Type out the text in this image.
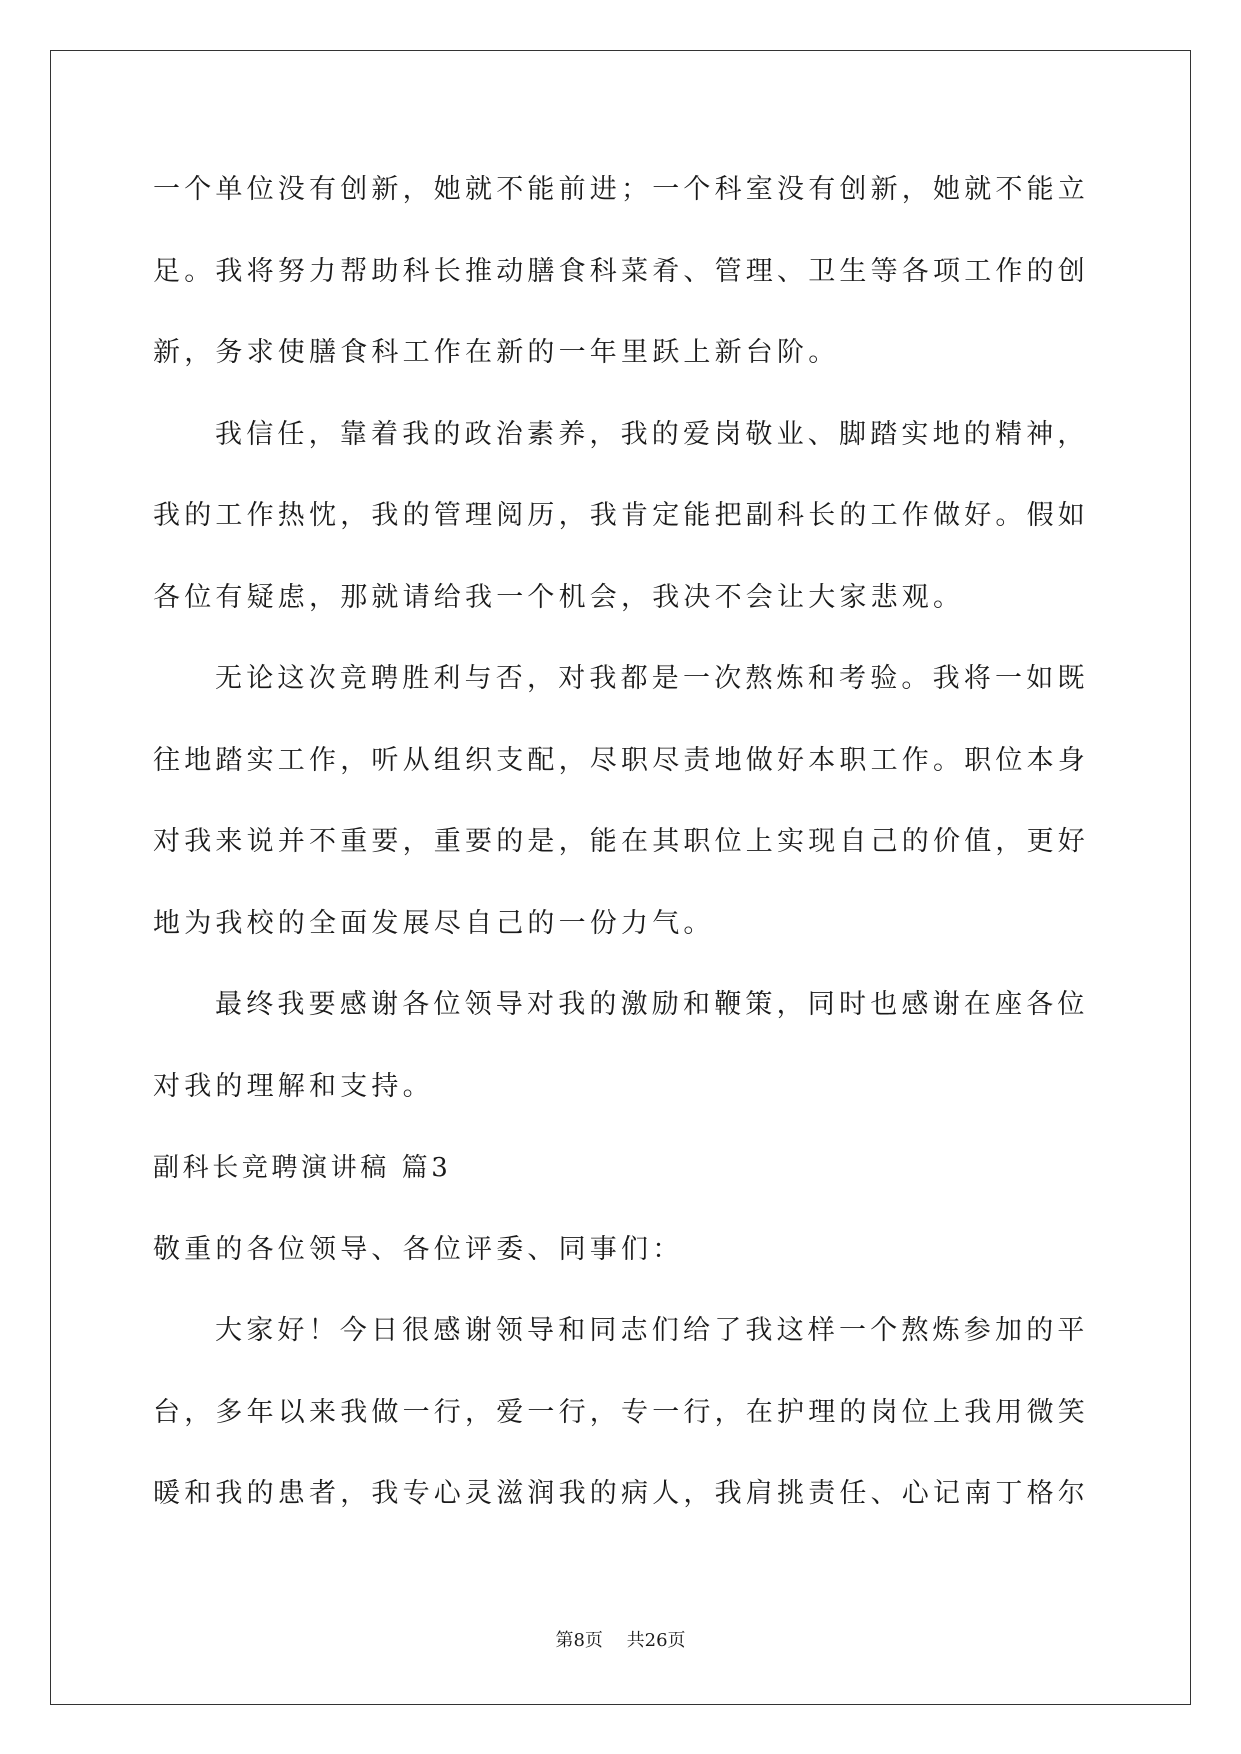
一个单位没有创新，她就不能前进；一个科室没有创新，她就不能立
足。我将努力帮助科长推动膳食科菜肴、管理、卫生等各项工作的创
新，务求使膳食科工作在新的一年里跃上新台阶。
我信任，靠着我的政治素养，我的爱岗敬业、脚踏实地的精神，
我的工作热忱，我的管理阅历，我肯定能把副科长的工作做好。假如
各位有疑虑，那就请给我一个机会，我决不会让大家悲观。
无论这次竞聘胜利与否，对我都是一次熬炼和考验。我将一如既
往地踏实工作，听从组织支配，尽职尽责地做好本职工作。职位本身
对我来说并不重要，重要的是，能在其职位上实现自己的价值，更好
地为我校的全面发展尽自己的一份力气。
最终我要感谢各位领导对我的激励和鞭策，同时也感谢在座各位
对我的理解和支持。
副科长竞聘演讲稿 篇3
敬重的各位领导、各位评委、同事们：
大家好！今日很感谢领导和同志们给了我这样一个熬炼参加的平
台，多年以来我做一行，爱一行，专一行，在护理的岗位上我用微笑
暖和我的患者，我专心灵滋润我的病人，我肩挑责任、心记南丁格尔
第8页 共26页
